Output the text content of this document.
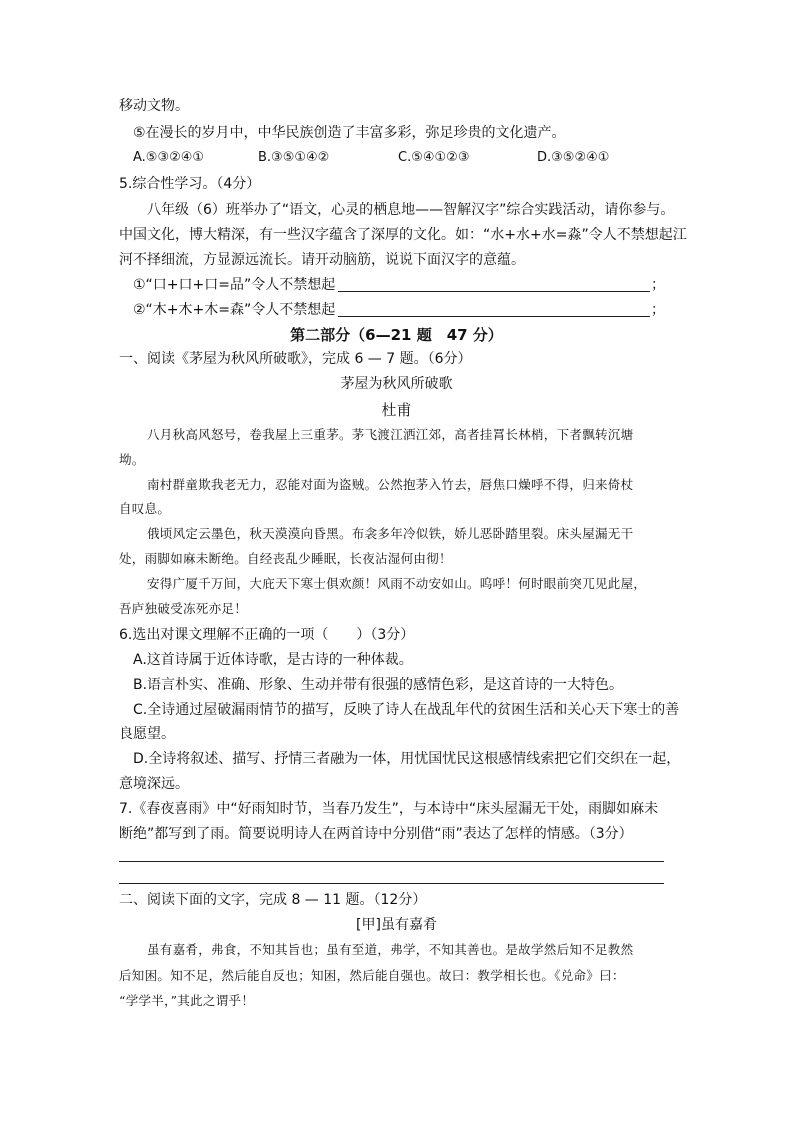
移动文物。
⑤在漫长的岁月中，中华民族创造了丰富多彩，弥足珍贵的文化遗产。
A.⑤③②④①	B.③⑤①④②	C.⑤④①②③	D.③⑤②④①
5.综合性学习。（4分）
八年级（6）班举办了“语文，心灵的栖息地——智解汉字”综合实践活动，请你参与。
中国文化，博大精深，有一些汉字蕴含了深厚的文化。如：“水+水+水=淼”令人不禁想起江
河不择细流，方显源远流长。请开动脑筋，说说下面汉字的意蕴。
①“口+口+口=品”令人不禁想起	；
②“木+木+木=森”令人不禁想起	；
第二部分（6—21 题　47 分）
一、阅读《茅屋为秋风所破歌》，完成 6 — 7 题。（6分）
茅屋为秋风所破歌
杜甫
八月秋高风怒号，卷我屋上三重茅。茅飞渡江洒江郊，高者挂罥长林梢，下者飘转沉塘
坳。
南村群童欺我老无力，忍能对面为盗贼。公然抱茅入竹去，唇焦口燥呼不得，归来倚杖
自叹息。
俄顷风定云墨色，秋天漠漠向昏黑。布衾多年冷似铁，娇儿恶卧踏里裂。床头屋漏无干
处，雨脚如麻未断绝。自经丧乱少睡眠，长夜沾湿何由彻！
安得广厦千万间，大庇天下寒士俱欢颜！风雨不动安如山。呜呼！何时眼前突兀见此屋，
吾庐独破受冻死亦足！
6.选出对课文理解不正确的一项（　　）（3分）
A.这首诗属于近体诗歌，是古诗的一种体裁。
B.语言朴实、准确、形象、生动并带有很强的感情色彩，是这首诗的一大特色。
C.全诗通过屋破漏雨情节的描写，反映了诗人在战乱年代的贫困生活和关心天下寒士的善
良愿望。
D.全诗将叙述、描写、抒情三者融为一体，用忧国忧民这根感情线索把它们交织在一起，
意境深远。
7.《春夜喜雨》中“好雨知时节，当春乃发生”，与本诗中“床头屋漏无干处，雨脚如麻未
断绝”都写到了雨。简要说明诗人在两首诗中分别借“雨”表达了怎样的情感。（3分）
二、阅读下面的文字，完成 8 — 11 题。（12分）
[甲]虽有嘉肴
虽有嘉肴，弗食，不知其旨也；虽有至道，弗学，不知其善也。是故学然后知不足教然
后知困。知不足，然后能自反也；知困，然后能自强也。故曰：教学相长也。《兑命》曰：
“学学半，”其此之谓乎！
